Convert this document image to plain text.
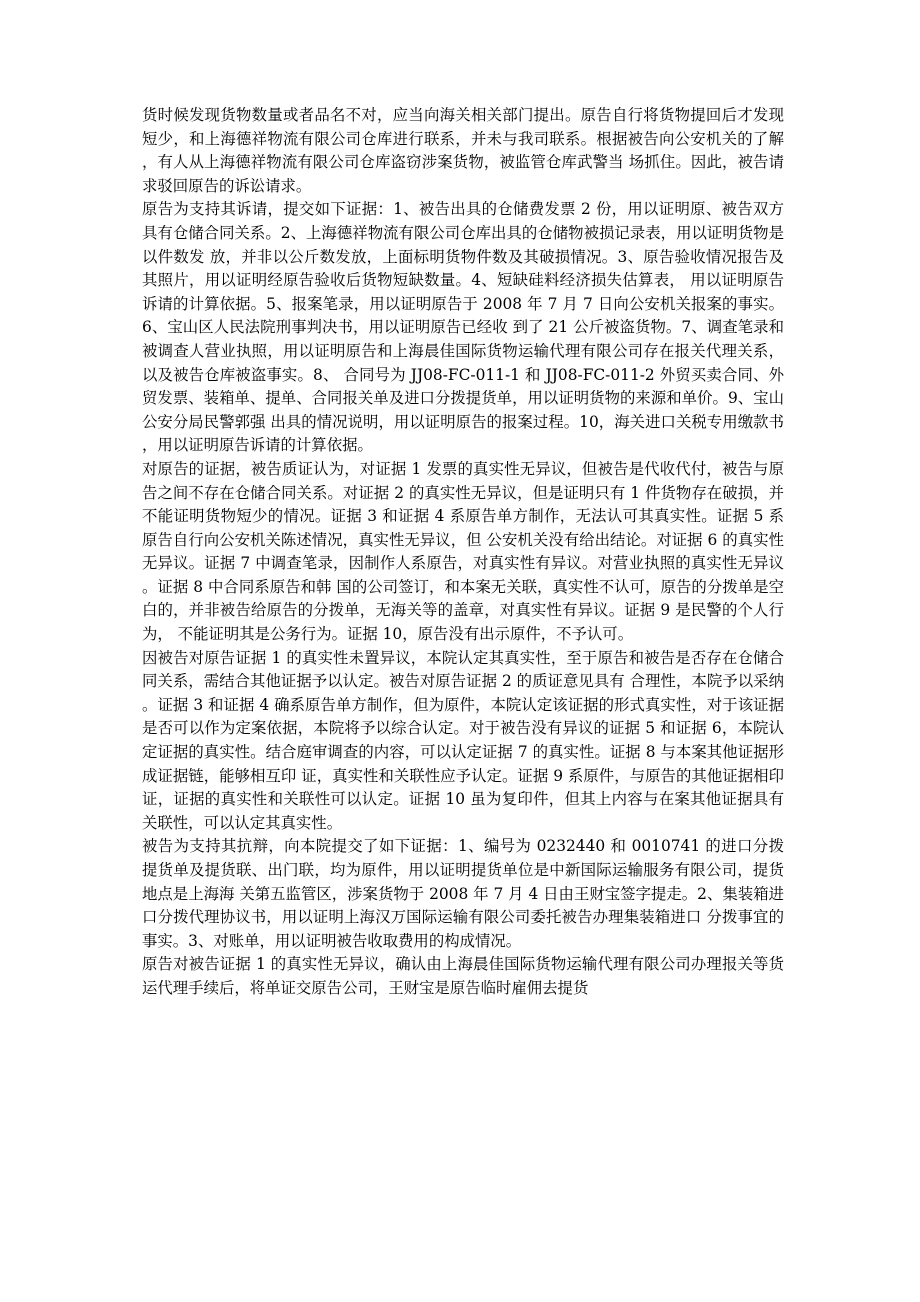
货时候发现货物数量或者品名不对，应当向海关相关部门提出。原告自行将货物提回后才发现 短少，和上海德祥物流有限公司仓库进行联系，并未与我司联系。根据被告向公安机关的了解，有人从上海德祥物流有限公司仓库盗窃涉案货物，被监管仓库武警当 场抓住。因此，被告请求驳回原告的诉讼请求。

原告为支持其诉请，提交如下证据：1、被告出具的仓储费发票 2 份，用以证明原、被告双方具有仓储合同关系。2、上海德祥物流有限公司仓库出具的仓储物被损记录表，用以证明货物是以件数发 放，并非以公斤数发放，上面标明货物件数及其破损情况。3、原告验收情况报告及其照片，用以证明经原告验收后货物短缺数量。4、短缺硅料经济损失估算表， 用以证明原告诉请的计算依据。5、报案笔录，用以证明原告于 2008 年 7 月 7 日向公安机关报案的事实。6、宝山区人民法院刑事判决书，用以证明原告已经收 到了 21 公斤被盗货物。7、调查笔录和被调查人营业执照，用以证明原告和上海晨佳国际货物运输代理有限公司存在报关代理关系，以及被告仓库被盗事实。8、 合同号为 JJ08-FC-011-1 和 JJ08-FC-011-2 外贸买卖合同、外贸发票、装箱单、提单、合同报关单及进口分拨提货单，用以证明货物的来源和单价。9、宝山公安分局民警郭强 出具的情况说明，用以证明原告的报案过程。10，海关进口关税专用缴款书，用以证明原告诉请的计算依据。

对原告的证据，被告质证认为，对证据 1 发票的真实性无异议，但被告是代收代付，被告与原告之间不存在仓储合同关系。对证据 2 的真实性无异议，但是证明只有 1 件货物存在破损，并不能证明货物短少的情况。证据 3 和证据 4 系原告单方制作，无法认可其真实性。证据 5 系原告自行向公安机关陈述情况，真实性无异议，但 公安机关没有给出结论。对证据 6 的真实性无异议。证据 7 中调查笔录，因制作人系原告，对真实性有异议。对营业执照的真实性无异议。证据 8 中合同系原告和韩 国的公司签订，和本案无关联，真实性不认可，原告的分拨单是空白的，并非被告给原告的分拨单，无海关等的盖章，对真实性有异议。证据 9 是民警的个人行为， 不能证明其是公务行为。证据 10，原告没有出示原件，不予认可。

因被告对原告证据 1 的真实性未置异议，本院认定其真实性，至于原告和被告是否存在仓储合同关系，需结合其他证据予以认定。被告对原告证据 2 的质证意见具有 合理性，本院予以采纳。证据 3 和证据 4 确系原告单方制作，但为原件，本院认定该证据的形式真实性，对于该证据是否可以作为定案依据，本院将予以综合认定。对于被告没有异议的证据 5 和证据 6，本院认定证据的真实性。结合庭审调查的内容，可以认定证据 7 的真实性。证据 8 与本案其他证据形成证据链，能够相互印 证，真实性和关联性应予认定。证据 9 系原件，与原告的其他证据相印证，证据的真实性和关联性可以认定。证据 10 虽为复印件，但其上内容与在案其他证据具有 关联性，可以认定其真实性。

被告为支持其抗辩，向本院提交了如下证据：1、编号为 0232440 和 0010741 的进口分拨提货单及提货联、出门联，均为原件，用以证明提货单位是中新国际运输服务有限公司，提货地点是上海海 关第五监管区，涉案货物于 2008 年 7 月 4 日由王财宝签字提走。2、集装箱进口分拨代理协议书，用以证明上海汉万国际运输有限公司委托被告办理集装箱进口 分拨事宜的事实。3、对账单，用以证明被告收取费用的构成情况。

原告对被告证据 1 的真实性无异议，确认由上海晨佳国际货物运输代理有限公司办理报关等货运代理手续后，将单证交原告公司，王财宝是原告临时雇佣去提货
